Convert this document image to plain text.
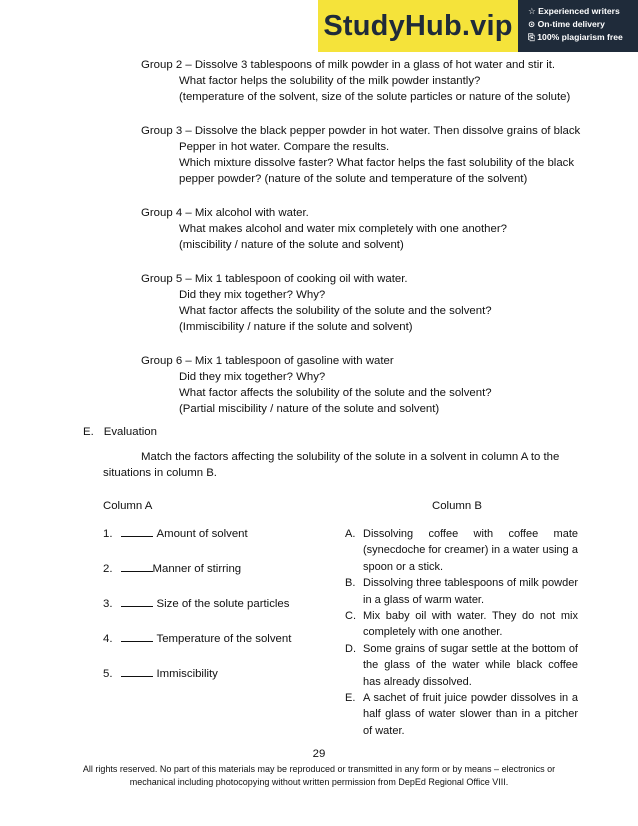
StudyHub.vip	☆ Experienced writers
⊙ On-time delivery
⎘ 100% plagiarism free
Group 2 – Dissolve 3 tablespoons of milk powder in a glass of hot water and stir it.
What factor helps the solubility of the milk powder instantly?
(temperature of the solvent, size of the solute particles or nature of the solute)
Group 3 – Dissolve the black pepper powder in hot water. Then dissolve grains of black
Pepper in hot water. Compare the results.
Which mixture dissolve faster? What factor helps the fast solubility of the black
pepper powder? (nature of the solute and temperature of the solvent)
Group 4 – Mix alcohol with water.
What makes alcohol and water mix completely with one another?
(miscibility / nature of the solute and solvent)
Group 5 – Mix 1 tablespoon of cooking oil with water.
Did they mix together? Why?
What factor affects the solubility of the solute and the solvent?
(Immiscibility / nature if the solute and solvent)
Group 6 – Mix 1 tablespoon of gasoline with water
Did they mix together? Why?
What factor affects the solubility of the solute and the solvent?
(Partial miscibility / nature of the solute and solvent)
E. Evaluation
Match the factors affecting the solubility of the solute in a solvent in column A to the
situations in column B.
Column A	Column B
1.	Amount of solvent
2.	Manner of stirring
3.	Size of the solute particles
4.	Temperature of the solvent
5.	Immiscibility
A. Dissolving coffee with coffee mate (synecdoche for creamer) in a water using a spoon or a stick.
B. Dissolving three tablespoons of milk powder in a glass of warm water.
C. Mix baby oil with water. They do not mix completely with one another.
D. Some grains of sugar settle at the bottom of the glass of the water while black coffee has already dissolved.
E. A sachet of fruit juice powder dissolves in a half glass of water slower than in a pitcher of water.
29
All rights reserved. No part of this materials may be reproduced or transmitted in any form or by means – electronics or
mechanical including photocopying without written permission from DepEd Regional Office VIII.
